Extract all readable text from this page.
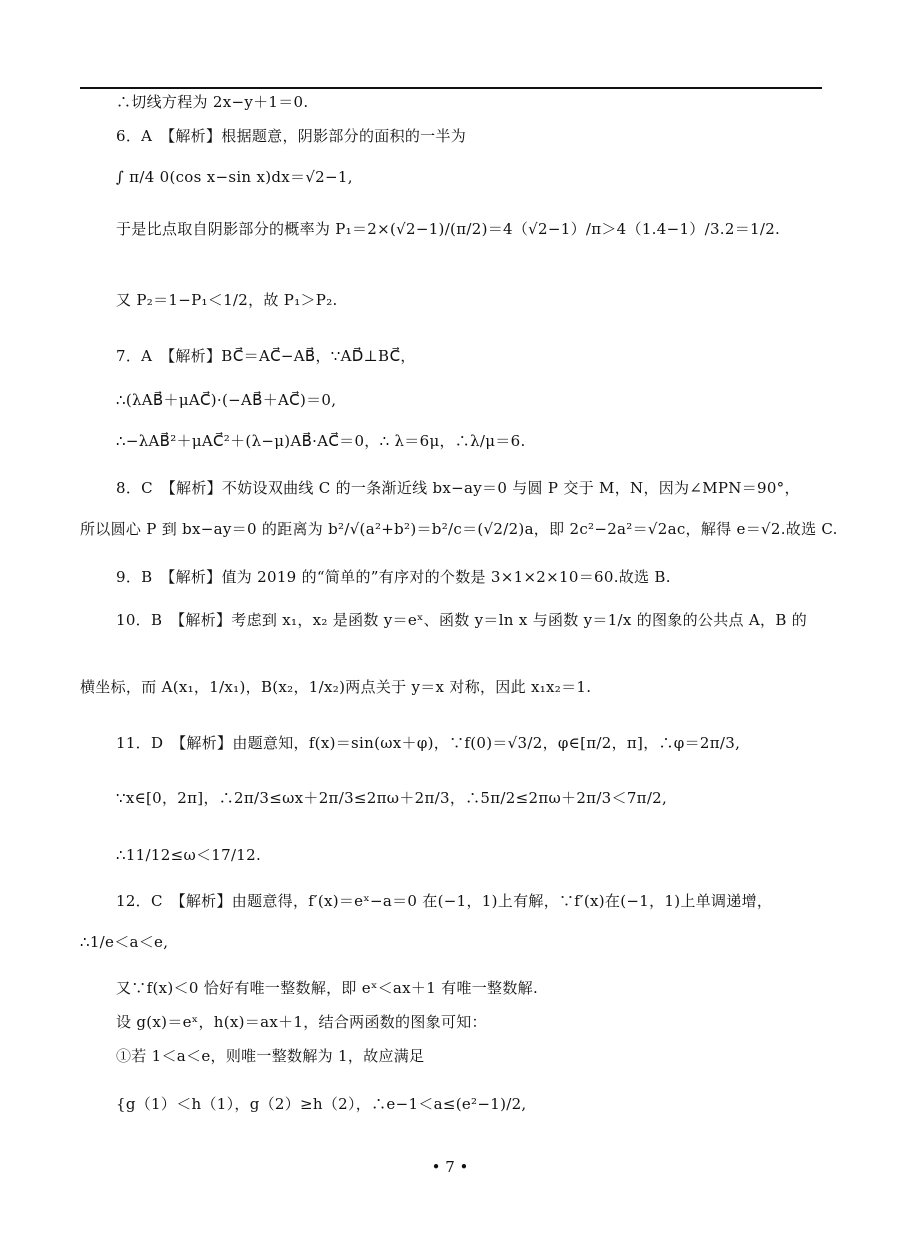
∴切线方程为 2x−y＋1＝0.
6．A　【解析】根据题意，阴影部分的面积的一半为
∫ π/4 0(cos x−sin x)dx＝√2−1,
于是比点取自阴影部分的概率为 P₁＝2×(√2−1)/(π/2)＝4（√2−1）/π＞4（1.4−1）/3.2＝1/2.
又 P₂＝1−P₁＜1/2，故 P₁＞P₂.
7．A　【解析】BC⃗＝AC⃗−AB⃗，∵AD⃗⊥BC⃗，
∴(λAB⃗＋μAC⃗)·(−AB⃗＋AC⃗)＝0,
∴−λAB⃗²＋μAC⃗²＋(λ−μ)AB⃗·AC⃗＝0，∴ λ＝6μ，∴λ/μ＝6.
8．C　【解析】不妨设双曲线 C 的一条渐近线 bx−ay＝0 与圆 P 交于 M，N，因为∠MPN＝90°，
所以圆心 P 到 bx−ay＝0 的距离为 b²/√(a²+b²)＝b²/c＝(√2/2)a，即 2c²−2a²＝√2ac，解得 e＝√2.故选 C.
9．B　【解析】值为 2019 的“简单的”有序对的个数是 3×1×2×10＝60.故选 B.
10．B　【解析】考虑到 x₁，x₂ 是函数 y＝eˣ、函数 y＝ln x 与函数 y＝1/x 的图象的公共点 A，B 的
横坐标，而 A(x₁，1/x₁)，B(x₂，1/x₂)两点关于 y＝x 对称，因此 x₁x₂＝1.
11．D　【解析】由题意知，f(x)＝sin(ωx＋φ)，∵f(0)＝√3/2，φ∈[π/2，π]，∴φ＝2π/3,
∵x∈[0，2π]，∴2π/3≤ωx＋2π/3≤2πω＋2π/3，∴5π/2≤2πω＋2π/3＜7π/2,
∴11/12≤ω＜17/12.
12．C　【解析】由题意得，f′(x)＝eˣ−a＝0 在(−1，1)上有解，∵f′(x)在(−1，1)上单调递增，
∴1/e＜a＜e,
又∵f(x)＜0 恰好有唯一整数解，即 eˣ＜ax＋1 有唯一整数解.
设 g(x)＝eˣ，h(x)＝ax＋1，结合两函数的图象可知：
①若 1＜a＜e，则唯一整数解为 1，故应满足
{g（1）＜h（1），g（2）≥h（2），∴e−1＜a≤(e²−1)/2,
• 7 •
